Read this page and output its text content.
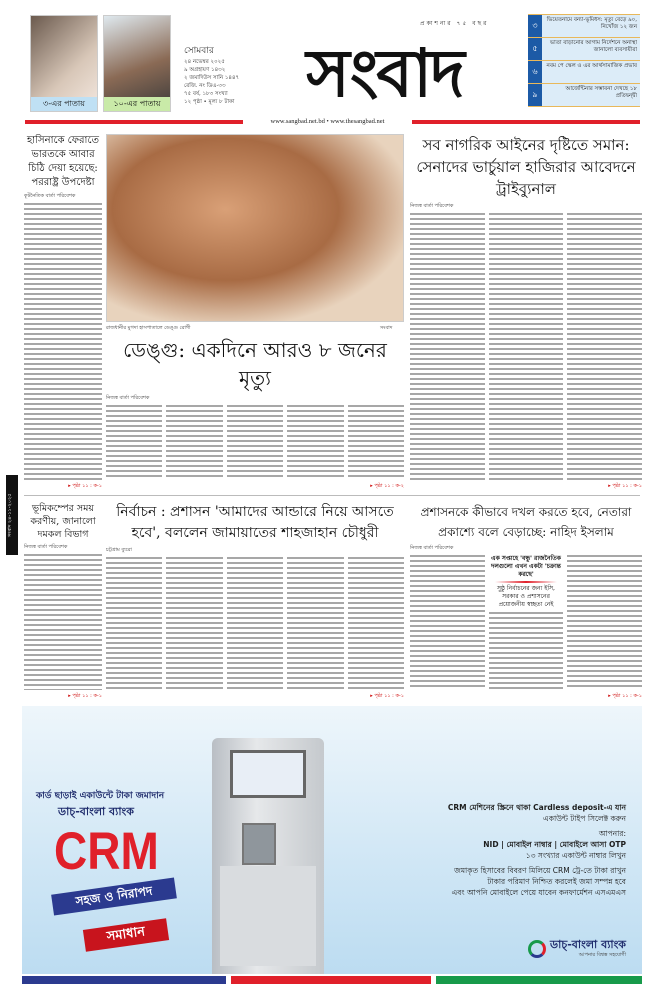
৩-এর পাতায়	১০-এর পাতায়
সোমবার
২৪ নভেম্বর ২০২৫
৯ অগ্রহায়ণ ১৪৩২
২ জমাদিউস সানি ১৪৪৭
রেজি. নং ডিএ-৩৩
৭৫ বর্ষ, ১৮৩ সংখ্যা
১২ পৃষ্ঠা • মূল্য ৮ টাকা
প্রকাশনার ৭৫ বছর
সংবাদ
৩
ভিয়েতনামে বন্যা-ভূমিধস: মৃত্যু বেড়ে ৯০, নিখোঁজ ১২ জন
৫
ভাতা বাড়ানোর আগাম নির্দেশনে অনাস্থা জানালো ব্যবসায়ীরা
৬
নবম পে স্কেল ও এর আর্থসামাজিক প্রভাব
৯
আর্জেন্টিনার সম্ভাবনা দেখছে ১৮ প্রতিদ্বন্দ্বী
www.sangbad.net.bd • www.thesangbad.net
হাসিনাকে ফেরাতে ভারতকে আবার চিঠি দেয়া হয়েছে: পররাষ্ট্র উপদেষ্টা
কূটনৈতিক বার্তা পরিবেশক
▸ পৃষ্ঠা ১১ : ক-১
সংবাদ ২৪-১১-২০২৫
রাজধানীর মুগদা হাসপাতালে ডেঙ্গু রোগী	সংবাদ
ডেঙ্গু: একদিনে আরও ৮ জনের মৃত্যু
নিজস্ব বার্তা পরিবেশক
▸ পৃষ্ঠা ১১ : ক-২
সব নাগরিক আইনের দৃষ্টিতে সমান: সেনাদের ভার্চুয়াল হাজিরার আবেদনে ট্রাইব্যুনাল
নিজস্ব বার্তা পরিবেশক
▸ পৃষ্ঠা ১১ : ক-১
ভূমিকম্পের সময় করণীয়, জানালো দমকল বিভাগ
নিজস্ব বার্তা পরিবেশক
▸ পৃষ্ঠা ১১ : ক-১
নির্বাচন : প্রশাসন 'আমাদের আন্ডারে নিয়ে আসতে হবে', বললেন জামায়াতের শাহজাহান চৌধুরী
চট্টগ্রাম ব্যুরো
▸ পৃষ্ঠা ১১ : ক-১
প্রশাসনকে কীভাবে দখল করতে হবে, নেতারা প্রকাশ্যে বলে বেড়াচ্ছে: নাহিদ ইসলাম
নিজস্ব বার্তা পরিবেশক
এক সপ্তাহে 'বন্ধু' রাজনৈতিক দলগুলো এখন একটা 'চক্রান্ত করছে'
সুষ্ঠু নির্বাচনের জন্য ইসি, সরকার ও প্রশাসনের প্রয়োজনীয় স্বচ্ছতা নেই
▸ পৃষ্ঠা ১১ : ক-১
কার্ড ছাড়াই একাউন্টে টাকা জমাদান
ডাচ্-বাংলা ব্যাংক
CRM
সহজ ও নিরাপদ
সমাধান
CRM মেশিনের স্ক্রিনে থাকা Cardless deposit-এ যান
একাউন্ট টাইপ সিলেক্ট করুন
আপনার:
NID | মোবাইল নাম্বার | মোবাইলে আসা OTP
১৩ সংখ্যার একাউন্ট নাম্বার লিখুন
জমাকৃত হিসাবের বিবরণ মিলিয়ে CRM ট্রে-তে টাকা রাখুন
টাকার পরিমাণ নিশ্চিত করলেই জমা সম্পন্ন হবে
এবং আপনি মোবাইলে পেয়ে যাবেন কনফার্মেশন এসএমএস
ডাচ্-বাংলা ব্যাংক
আপনার বিশ্বস্ত সহযোগী
